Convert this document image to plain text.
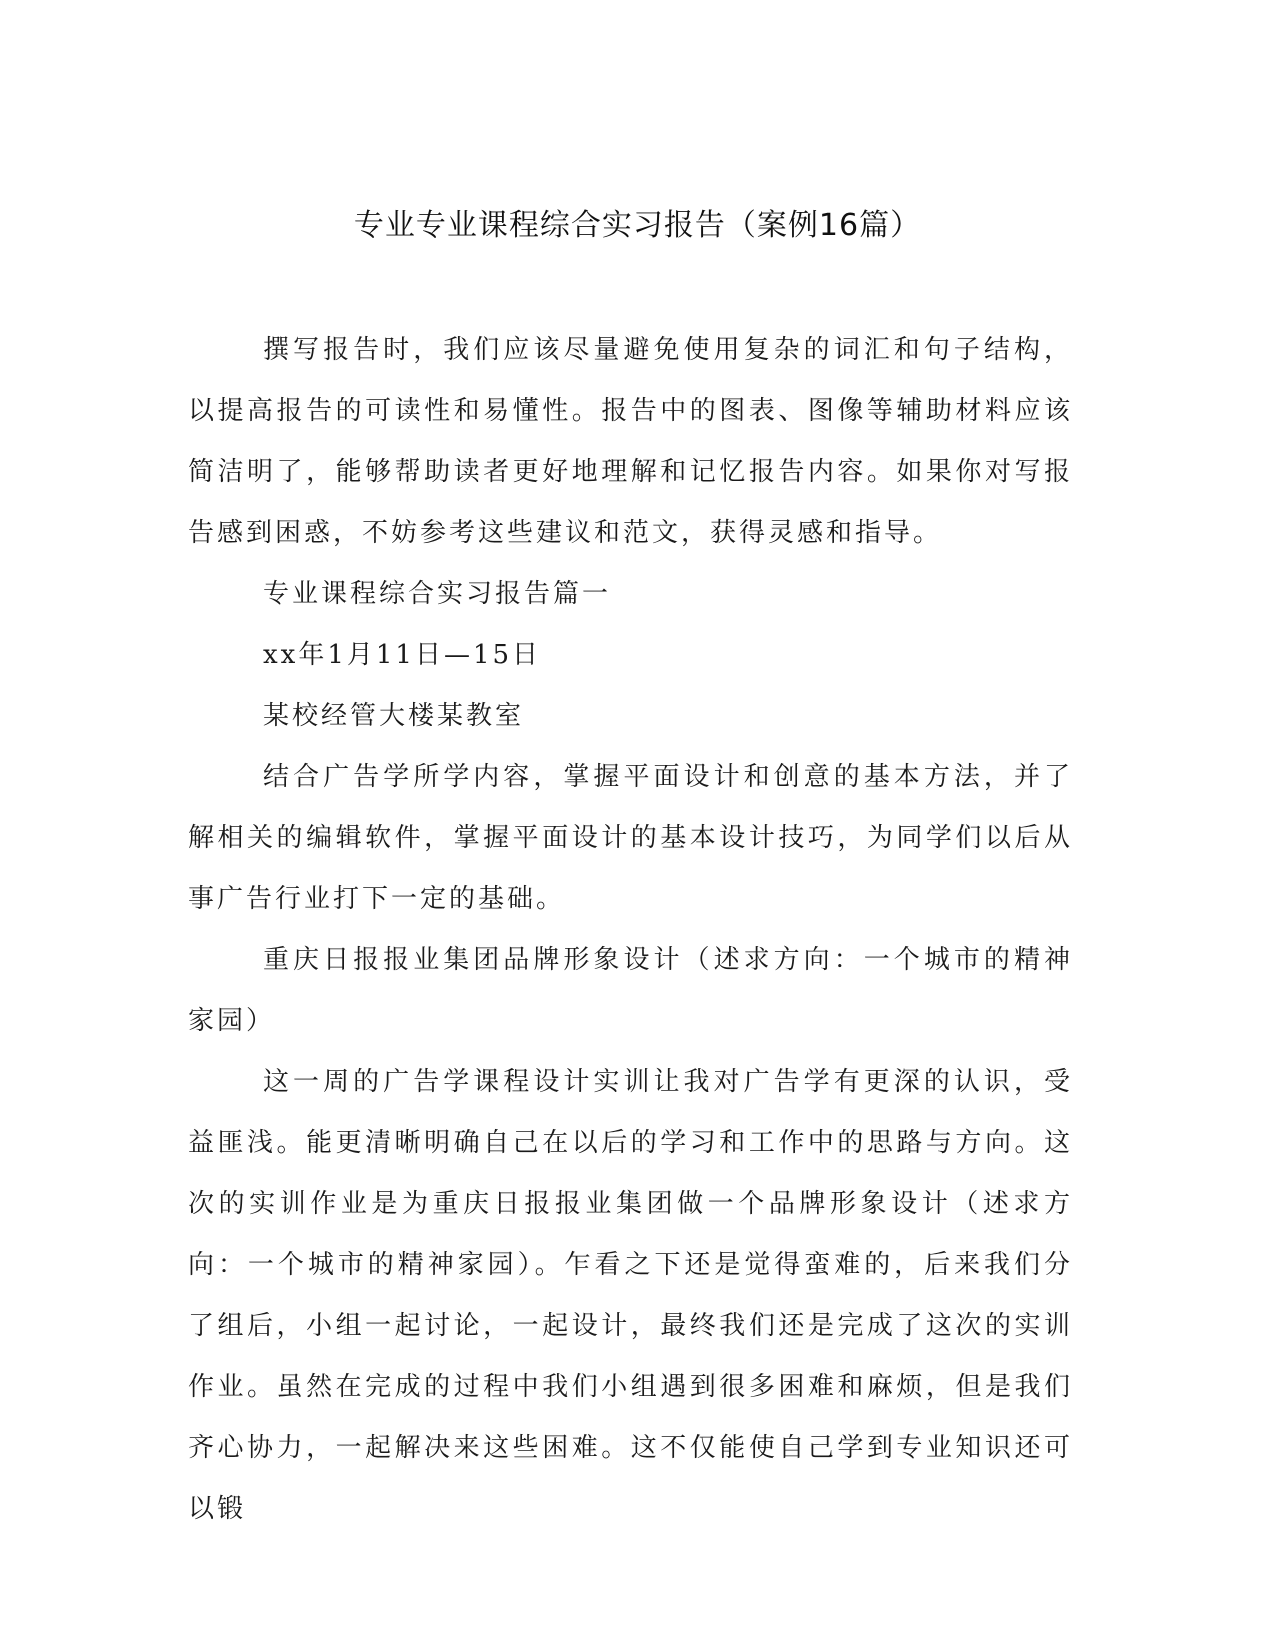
专业专业课程综合实习报告（案例16篇）

撰写报告时，我们应该尽量避免使用复杂的词汇和句子结构，以提高报告的可读性和易懂性。报告中的图表、图像等辅助材料应该简洁明了，能够帮助读者更好地理解和记忆报告内容。如果你对写报告感到困惑，不妨参考这些建议和范文，获得灵感和指导。

专业课程综合实习报告篇一

xx年1月11日—15日

某校经管大楼某教室

结合广告学所学内容，掌握平面设计和创意的基本方法，并了解相关的编辑软件，掌握平面设计的基本设计技巧，为同学们以后从事广告行业打下一定的基础。

重庆日报报业集团品牌形象设计（述求方向：一个城市的精神家园）

这一周的广告学课程设计实训让我对广告学有更深的认识，受益匪浅。能更清晰明确自己在以后的学习和工作中的思路与方向。这次的实训作业是为重庆日报报业集团做一个品牌形象设计（述求方向：一个城市的精神家园）。乍看之下还是觉得蛮难的，后来我们分了组后，小组一起讨论，一起设计，最终我们还是完成了这次的实训作业。虽然在完成的过程中我们小组遇到很多困难和麻烦，但是我们齐心协力，一起解决来这些困难。这不仅能使自己学到专业知识还可以锻
